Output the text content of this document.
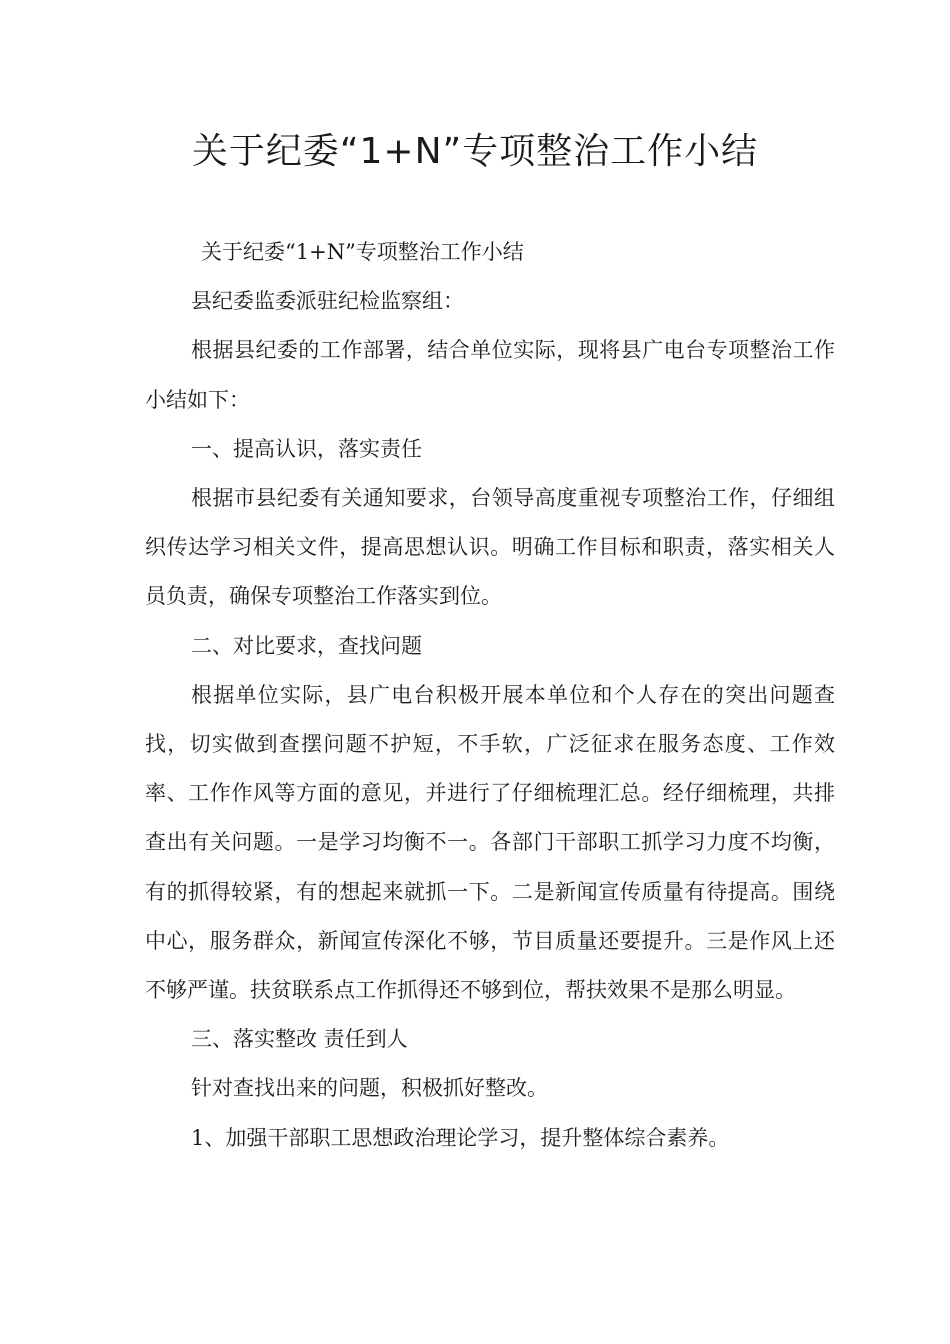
关于纪委“1+N”专项整治工作小结

关于纪委“1+N”专项整治工作小结

县纪委监委派驻纪检监察组：

根据县纪委的工作部署，结合单位实际，现将县广电台专项整治工作小结如下：

一、提高认识，落实责任

根据市县纪委有关通知要求，台领导高度重视专项整治工作，仔细组织传达学习相关文件，提高思想认识。明确工作目标和职责，落实相关人员负责，确保专项整治工作落实到位。

二、对比要求，查找问题

根据单位实际，县广电台积极开展本单位和个人存在的突出问题查找，切实做到查摆问题不护短，不手软，广泛征求在服务态度、工作效率、工作作风等方面的意见，并进行了仔细梳理汇总。经仔细梳理，共排查出有关问题。一是学习均衡不一。各部门干部职工抓学习力度不均衡，有的抓得较紧，有的想起来就抓一下。二是新闻宣传质量有待提高。围绕中心，服务群众，新闻宣传深化不够，节目质量还要提升。三是作风上还不够严谨。扶贫联系点工作抓得还不够到位，帮扶效果不是那么明显。

三、落实整改 责任到人

针对查找出来的问题，积极抓好整改。

1、加强干部职工思想政治理论学习，提升整体综合素养。
